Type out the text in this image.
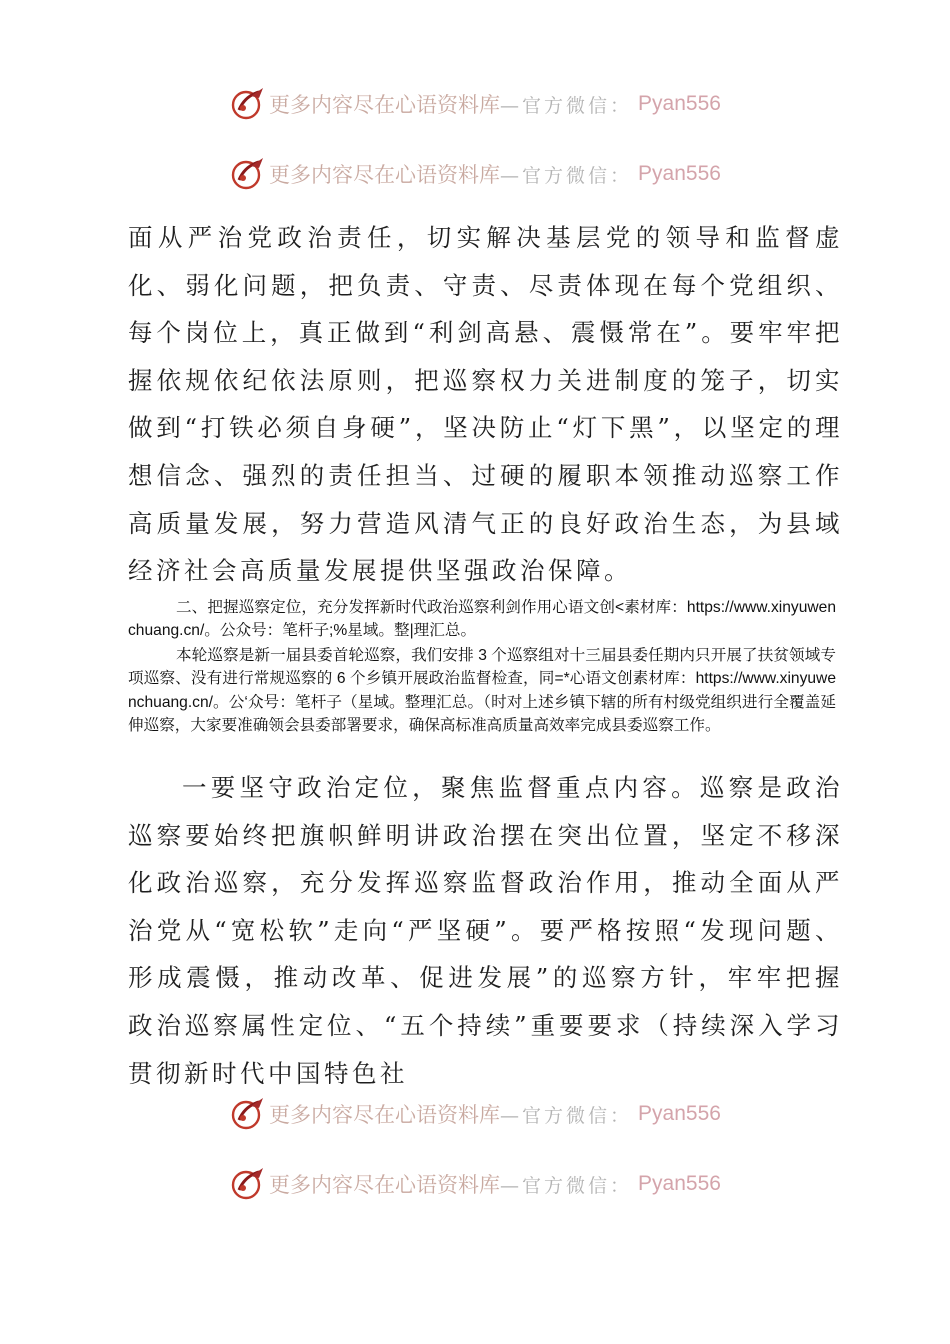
更多内容尽在心语资料库 —官方微信： Pyan556
更多内容尽在心语资料库 —官方微信： Pyan556

面从严治党政治责任，切实解决基层党的领导和监督虚化、弱化问题，把负责、守责、尽责体现在每个党组织、每个岗位上，真正做到“利剑高悬、震慑常在”。要牢牢把握依规依纪依法原则，把巡察权力关进制度的笼子，切实做到“打铁必须自身硬”，坚决防止“灯下黑”，以坚定的理想信念、强烈的责任担当、过硬的履职本领推动巡察工作高质量发展，努力营造风清气正的良好政治生态，为县域经济社会高质量发展提供坚强政治保障。

二、把握巡察定位，充分发挥新时代政治巡察利剑作用心语文创<素材库：https://www.xinyuwenchuang.cn/。公众号：笔杆子;%星域。整|理汇总。

本轮巡察是新一届县委首轮巡察，我们安排 3 个巡察组对十三届县委任期内只开展了扶贫领域专项巡察、没有进行常规巡察的 6 个乡镇开展政治监督检查，同=*心语文创素材库：https://www.xinyuwenchuang.cn/。公‘众号：笔杆子（星域。整理汇总。（时对上述乡镇下辖的所有村级党组织进行全覆盖延伸巡察，大家要准确领会县委部署要求，确保高标准高质量高效率完成县委巡察工作。

一要坚守政治定位，聚焦监督重点内容。巡察是政治巡察要始终把旗帜鲜明讲政治摆在突出位置，坚定不移深化政治巡察，充分发挥巡察监督政治作用，推动全面从严治党从“宽松软”走向“严坚硬”。要严格按照“发现问题、形成震慑，推动改革、促进发展”的巡察方针，牢牢把握政治巡察属性定位、“五个持续”重要要求（持续深入学习贯彻新时代中国特色社

更多内容尽在心语资料库 —官方微信： Pyan556
更多内容尽在心语资料库 —官方微信： Pyan556
